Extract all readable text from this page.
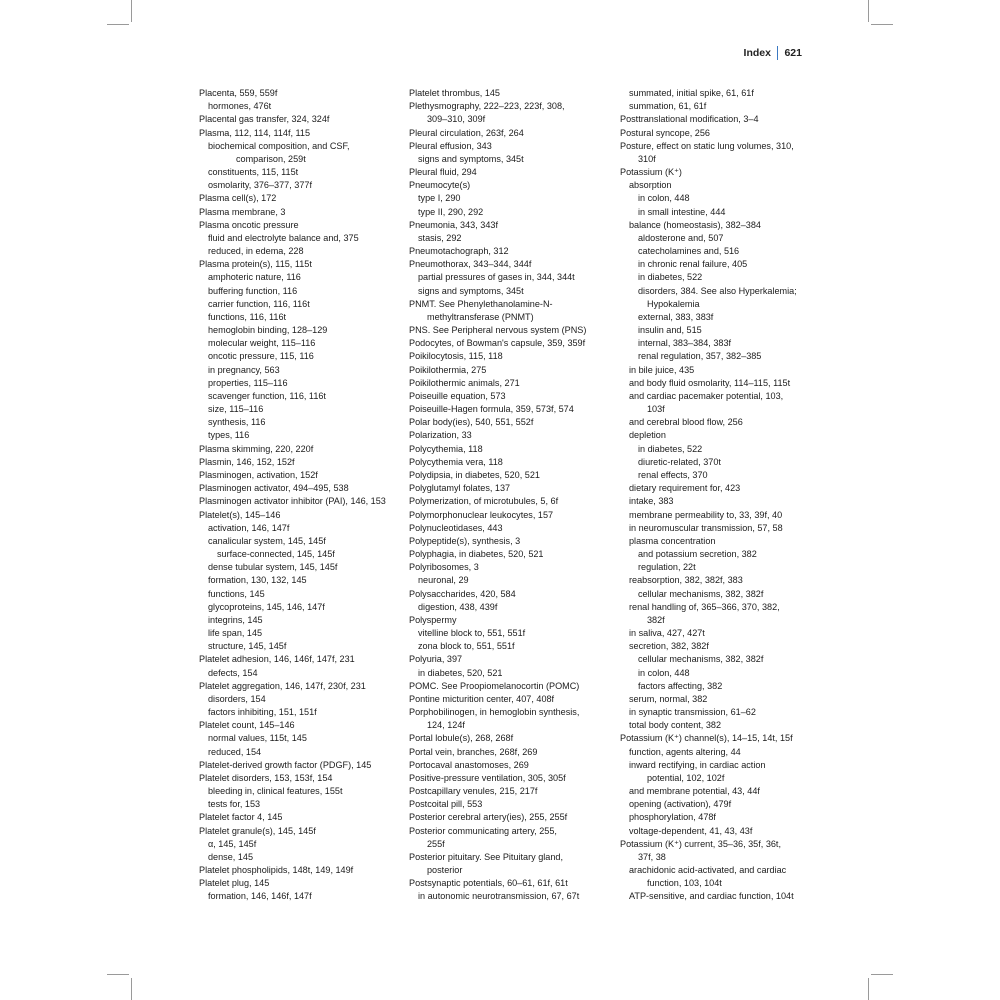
Index 621
Placenta, 559, 559f
hormones, 476t
Placental gas transfer, 324, 324f
Plasma, 112, 114, 114f, 115
biochemical composition, and CSF,
comparison, 259t
constituents, 115, 115t
osmolarity, 376–377, 377f
Plasma cell(s), 172
Plasma membrane, 3
Plasma oncotic pressure
fluid and electrolyte balance and, 375
reduced, in edema, 228
Plasma protein(s), 115, 115t
amphoteric nature, 116
buffering function, 116
carrier function, 116, 116t
functions, 116, 116t
hemoglobin binding, 128–129
molecular weight, 115–116
oncotic pressure, 115, 116
in pregnancy, 563
properties, 115–116
scavenger function, 116, 116t
size, 115–116
synthesis, 116
types, 116
Plasma skimming, 220, 220f
Plasmin, 146, 152, 152f
Plasminogen, activation, 152f
Plasminogen activator, 494–495, 538
Plasminogen activator inhibitor (PAI), 146, 153
Platelet(s), 145–146
activation, 146, 147f
canalicular system, 145, 145f
surface-connected, 145, 145f
dense tubular system, 145, 145f
formation, 130, 132, 145
functions, 145
glycoproteins, 145, 146, 147f
integrins, 145
life span, 145
structure, 145, 145f
Platelet adhesion, 146, 146f, 147f, 231
defects, 154
Platelet aggregation, 146, 147f, 230f, 231
disorders, 154
factors inhibiting, 151, 151f
Platelet count, 145–146
normal values, 115t, 145
reduced, 154
Platelet-derived growth factor (PDGF), 145
Platelet disorders, 153, 153f, 154
bleeding in, clinical features, 155t
tests for, 153
Platelet factor 4, 145
Platelet granule(s), 145, 145f
α, 145, 145f
dense, 145
Platelet phospholipids, 148t, 149, 149f
Platelet plug, 145
formation, 146, 146f, 147f
Platelet thrombus, 145
Plethysmography, 222–223, 223f, 308,
309–310, 309f
Pleural circulation, 263f, 264
Pleural effusion, 343
signs and symptoms, 345t
Pleural fluid, 294
Pneumocyte(s)
type I, 290
type II, 290, 292
Pneumonia, 343, 343f
stasis, 292
Pneumotachograph, 312
Pneumothorax, 343–344, 344f
partial pressures of gases in, 344, 344t
signs and symptoms, 345t
PNMT. See Phenylethanolamine-N-
methyltransferase (PNMT)
PNS. See Peripheral nervous system (PNS)
Podocytes, of Bowman's capsule, 359, 359f
Poikilocytosis, 115, 118
Poikilothermia, 275
Poikilothermic animals, 271
Poiseuille equation, 573
Poiseuille-Hagen formula, 359, 573f, 574
Polar body(ies), 540, 551, 552f
Polarization, 33
Polycythemia, 118
Polycythemia vera, 118
Polydipsia, in diabetes, 520, 521
Polyglutamyl folates, 137
Polymerization, of microtubules, 5, 6f
Polymorphonuclear leukocytes, 157
Polynucleotidases, 443
Polypeptide(s), synthesis, 3
Polyphagia, in diabetes, 520, 521
Polyribosomes, 3
neuronal, 29
Polysaccharides, 420, 584
digestion, 438, 439f
Polyspermy
vitelline block to, 551, 551f
zona block to, 551, 551f
Polyuria, 397
in diabetes, 520, 521
POMC. See Proopiomelanocortin (POMC)
Pontine micturition center, 407, 408f
Porphobilinogen, in hemoglobin synthesis,
124, 124f
Portal lobule(s), 268, 268f
Portal vein, branches, 268f, 269
Portocaval anastomoses, 269
Positive-pressure ventilation, 305, 305f
Postcapillary venules, 215, 217f
Postcoital pill, 553
Posterior cerebral artery(ies), 255, 255f
Posterior communicating artery, 255,
255f
Posterior pituitary. See Pituitary gland,
posterior
Postsynaptic potentials, 60–61, 61f, 61t
in autonomic neurotransmission, 67, 67t
summated, initial spike, 61, 61f
summation, 61, 61f
Posttranslational modification, 3–4
Postural syncope, 256
Posture, effect on static lung volumes, 310,
310f
Potassium (K⁺)
absorption
in colon, 448
in small intestine, 444
balance (homeostasis), 382–384
aldosterone and, 507
catecholamines and, 516
in chronic renal failure, 405
in diabetes, 522
disorders, 384. See also Hyperkalemia;
Hypokalemia
external, 383, 383f
insulin and, 515
internal, 383–384, 383f
renal regulation, 357, 382–385
in bile juice, 435
and body fluid osmolarity, 114–115, 115t
and cardiac pacemaker potential, 103,
103f
and cerebral blood flow, 256
depletion
in diabetes, 522
diuretic-related, 370t
renal effects, 370
dietary requirement for, 423
intake, 383
membrane permeability to, 33, 39f, 40
in neuromuscular transmission, 57, 58
plasma concentration
and potassium secretion, 382
regulation, 22t
reabsorption, 382, 382f, 383
cellular mechanisms, 382, 382f
renal handling of, 365–366, 370, 382,
382f
in saliva, 427, 427t
secretion, 382, 382f
cellular mechanisms, 382, 382f
in colon, 448
factors affecting, 382
serum, normal, 382
in synaptic transmission, 61–62
total body content, 382
Potassium (K⁺) channel(s), 14–15, 14t, 15f
function, agents altering, 44
inward rectifying, in cardiac action
potential, 102, 102f
and membrane potential, 43, 44f
opening (activation), 479f
phosphorylation, 478f
voltage-dependent, 41, 43, 43f
Potassium (K⁺) current, 35–36, 35f, 36t,
37f, 38
arachidonic acid-activated, and cardiac
function, 103, 104t
ATP-sensitive, and cardiac function, 104t
